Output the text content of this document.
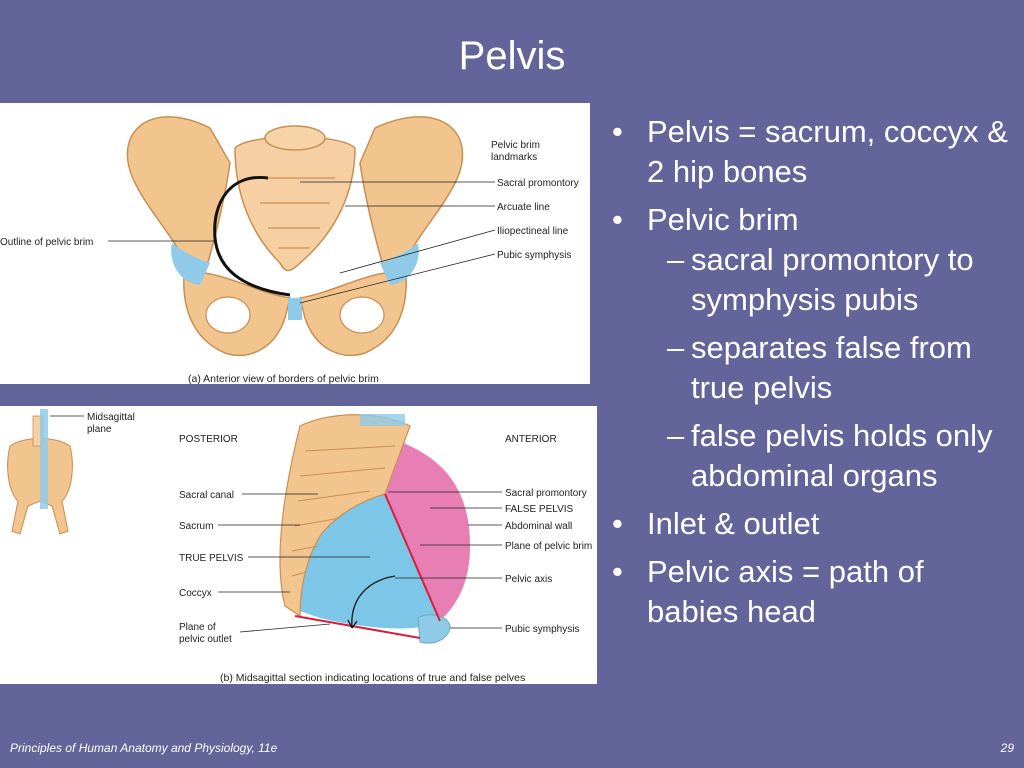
Pelvis
Pelvic brim
landmarks
Sacral promontory
Arcuate line
Iliopectineal line
Pubic symphysis
Outline of pelvic brim
(a) Anterior view of borders of pelvic brim
Midsagittal
plane
POSTERIOR	ANTERIOR
Sacral canal
Sacrum
TRUE PELVIS
Coccyx
Plane of
pelvic outlet
Sacral promontory
FALSE PELVIS
Abdominal wall
Plane of pelvic brim
Pelvic axis
Pubic symphysis
(b) Midsagittal section indicating locations of true and false pelves
• Pelvis = sacrum, coccyx & 2 hip bones
• Pelvic brim
– sacral promontory to symphysis pubis
– separates false from true pelvis
– false pelvis holds only abdominal organs
• Inlet & outlet
• Pelvic axis = path of babies head
Principles of Human Anatomy and Physiology, 11e	29
